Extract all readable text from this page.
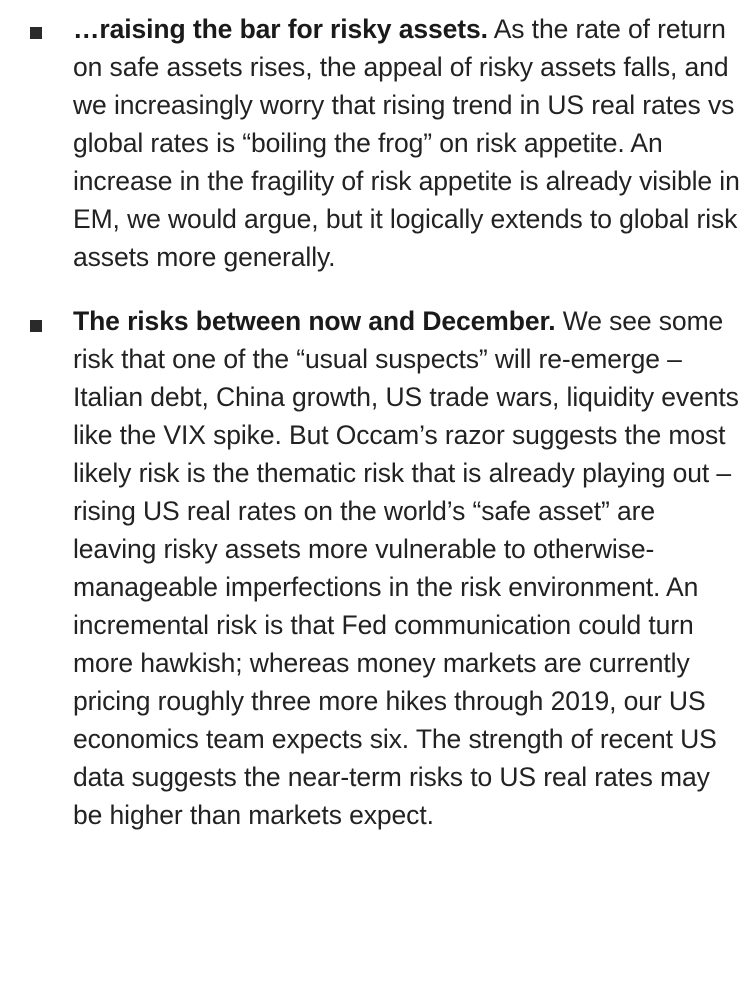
…raising the bar for risky assets. As the rate of return on safe assets rises, the appeal of risky assets falls, and we increasingly worry that rising trend in US real rates vs global rates is “boiling the frog” on risk appetite. An increase in the fragility of risk appetite is already visible in EM, we would argue, but it logically extends to global risk assets more generally.
The risks between now and December. We see some risk that one of the “usual suspects” will re-emerge – Italian debt, China growth, US trade wars, liquidity events like the VIX spike. But Occam’s razor suggests the most likely risk is the thematic risk that is already playing out – rising US real rates on the world’s “safe asset” are leaving risky assets more vulnerable to otherwise-manageable imperfections in the risk environment. An incremental risk is that Fed communication could turn more hawkish; whereas money markets are currently pricing roughly three more hikes through 2019, our US economics team expects six. The strength of recent US data suggests the near-term risks to US real rates may be higher than markets expect.
